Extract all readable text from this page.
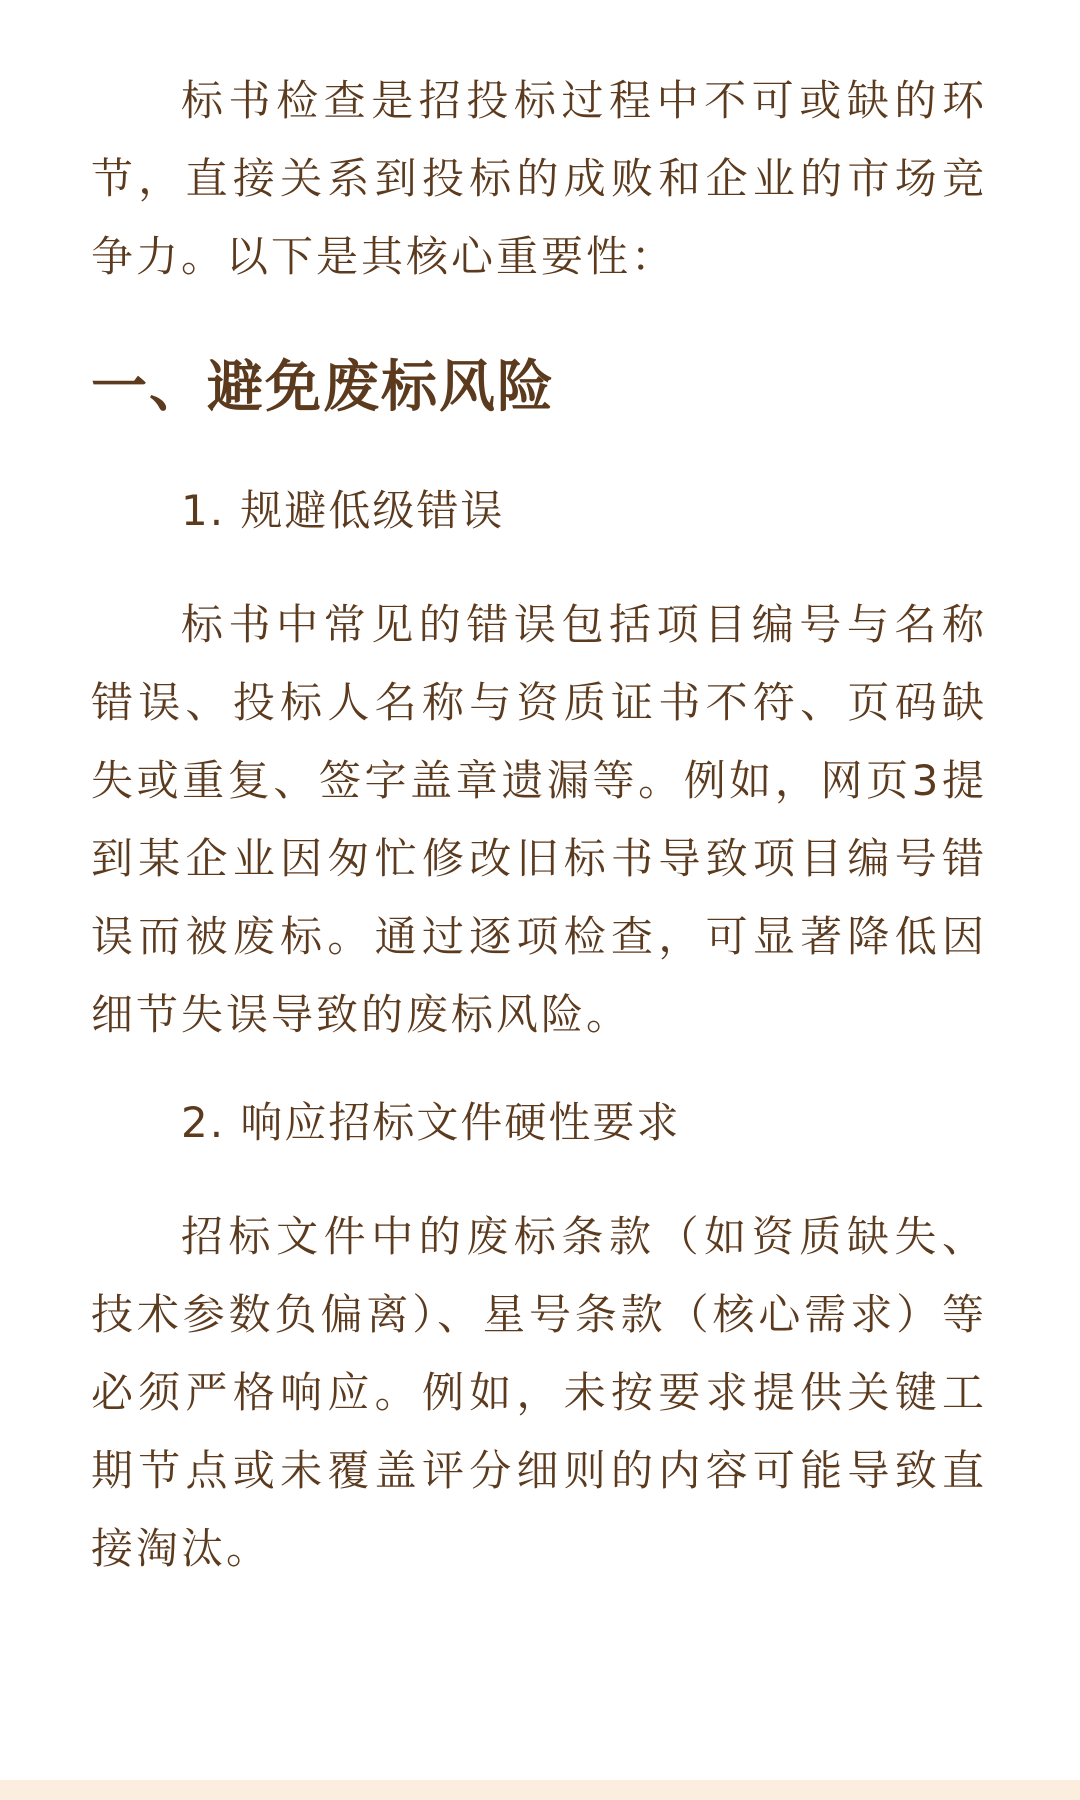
标书检查是招投标过程中不可或缺的环节，直接关系到投标的成败和企业的市场竞争力。以下是其核心重要性：

一、避免废标风险
1. 规避低级错误

标书中常见的错误包括项目编号与名称错误、投标人名称与资质证书不符、页码缺失或重复、签字盖章遗漏等。例如，网页3提到某企业因匆忙修改旧标书导致项目编号错误而被废标。通过逐项检查，可显著降低因细节失误导致的废标风险。

2. 响应招标文件硬性要求

招标文件中的废标条款（如资质缺失、技术参数负偏离）、星号条款（核心需求）等必须严格响应。例如，未按要求提供关键工期节点或未覆盖评分细则的内容可能导致直接淘汰。
